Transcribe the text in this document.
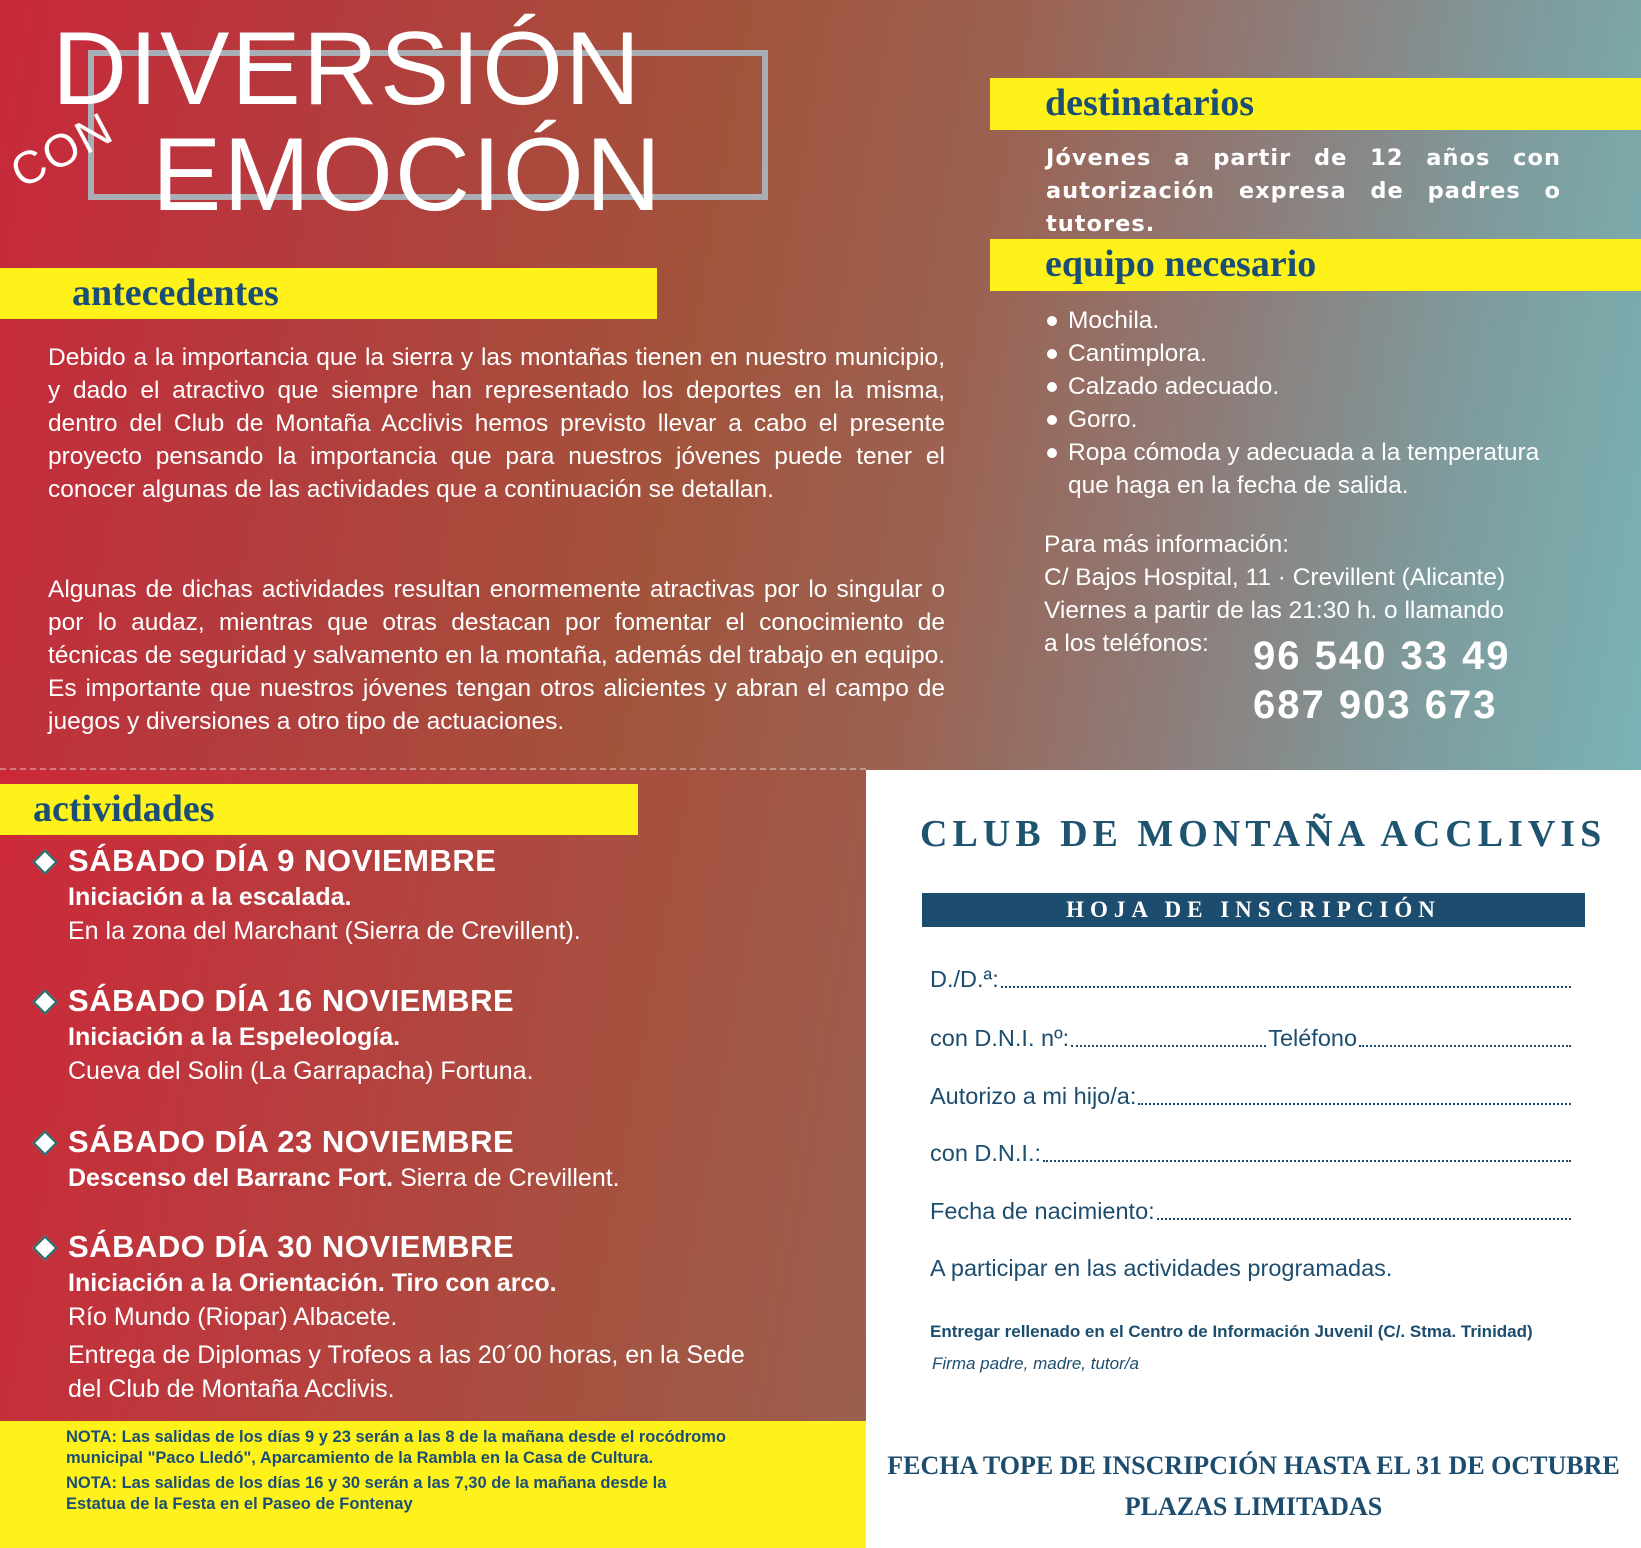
DIVERSIÓN
CON EMOCIÓN
antecedentes

Debido a la importancia que la sierra y las montañas tienen en nuestro municipio, y dado el atractivo que siempre han representado los deportes en la misma, dentro del Club de Montaña Acclivis hemos previsto llevar a cabo el presente proyecto pensando la importancia que para nuestros jóvenes puede tener el conocer algunas de las actividades que a continuación se detallan.

Algunas de dichas actividades resultan enormemente atractivas por lo singular o por lo audaz, mientras que otras destacan por fomentar el conocimiento de técnicas de seguridad y salvamento en la montaña, además del trabajo en equipo. Es importante que nuestros jóvenes tengan otros alicientes y abran el campo de juegos y diversiones a otro tipo de actuaciones.

destinatarios
Jóvenes a partir de 12 años con autorización expresa de padres o tutores.
equipo necesario
Mochila.
Cantimplora.
Calzado adecuado.
Gorro.
Ropa cómoda y adecuada a la temperatura que haga en la fecha de salida.
Para más información:
C/ Bajos Hospital, 11 · Crevillent (Alicante)
Viernes a partir de las 21:30 h. o llamando
a los teléfonos:	96 540 33 49
687 903 673
actividades
SÁBADO DÍA 9 NOVIEMBRE
Iniciación a la escalada.
En la zona del Marchant (Sierra de Crevillent).
SÁBADO DÍA 16 NOVIEMBRE
Iniciación a la Espeleología.
Cueva del Solin (La Garrapacha) Fortuna.
SÁBADO DÍA 23 NOVIEMBRE
Descenso del Barranc Fort. Sierra de Crevillent.
SÁBADO DÍA 30 NOVIEMBRE
Iniciación a la Orientación. Tiro con arco.
Río Mundo (Riopar) Albacete.
Entrega de Diplomas y Trofeos a las 20´00 horas, en la Sede del Club de Montaña Acclivis.

NOTA: Las salidas de los días 9 y 23 serán a las 8 de la mañana desde el rocódromo municipal "Paco Lledó", Aparcamiento de la Rambla en la Casa de Cultura.

NOTA: Las salidas de los días 16 y 30 serán a las 7,30 de la mañana desde la Estatua de la Festa en el Paseo de Fontenay

CLUB DE MONTAÑA ACCLIVIS
HOJA DE INSCRIPCIÓN
D./D.ª:
con D.N.I. nº:	Teléfono
Autorizo a mi hijo/a:
con D.N.I.:
Fecha de nacimiento:
A participar en las actividades programadas.
Entregar rellenado en el Centro de Información Juvenil (C/. Stma. Trinidad)
Firma padre, madre, tutor/a
FECHA TOPE DE INSCRIPCIÓN HASTA EL 31 DE OCTUBRE
PLAZAS LIMITADAS
